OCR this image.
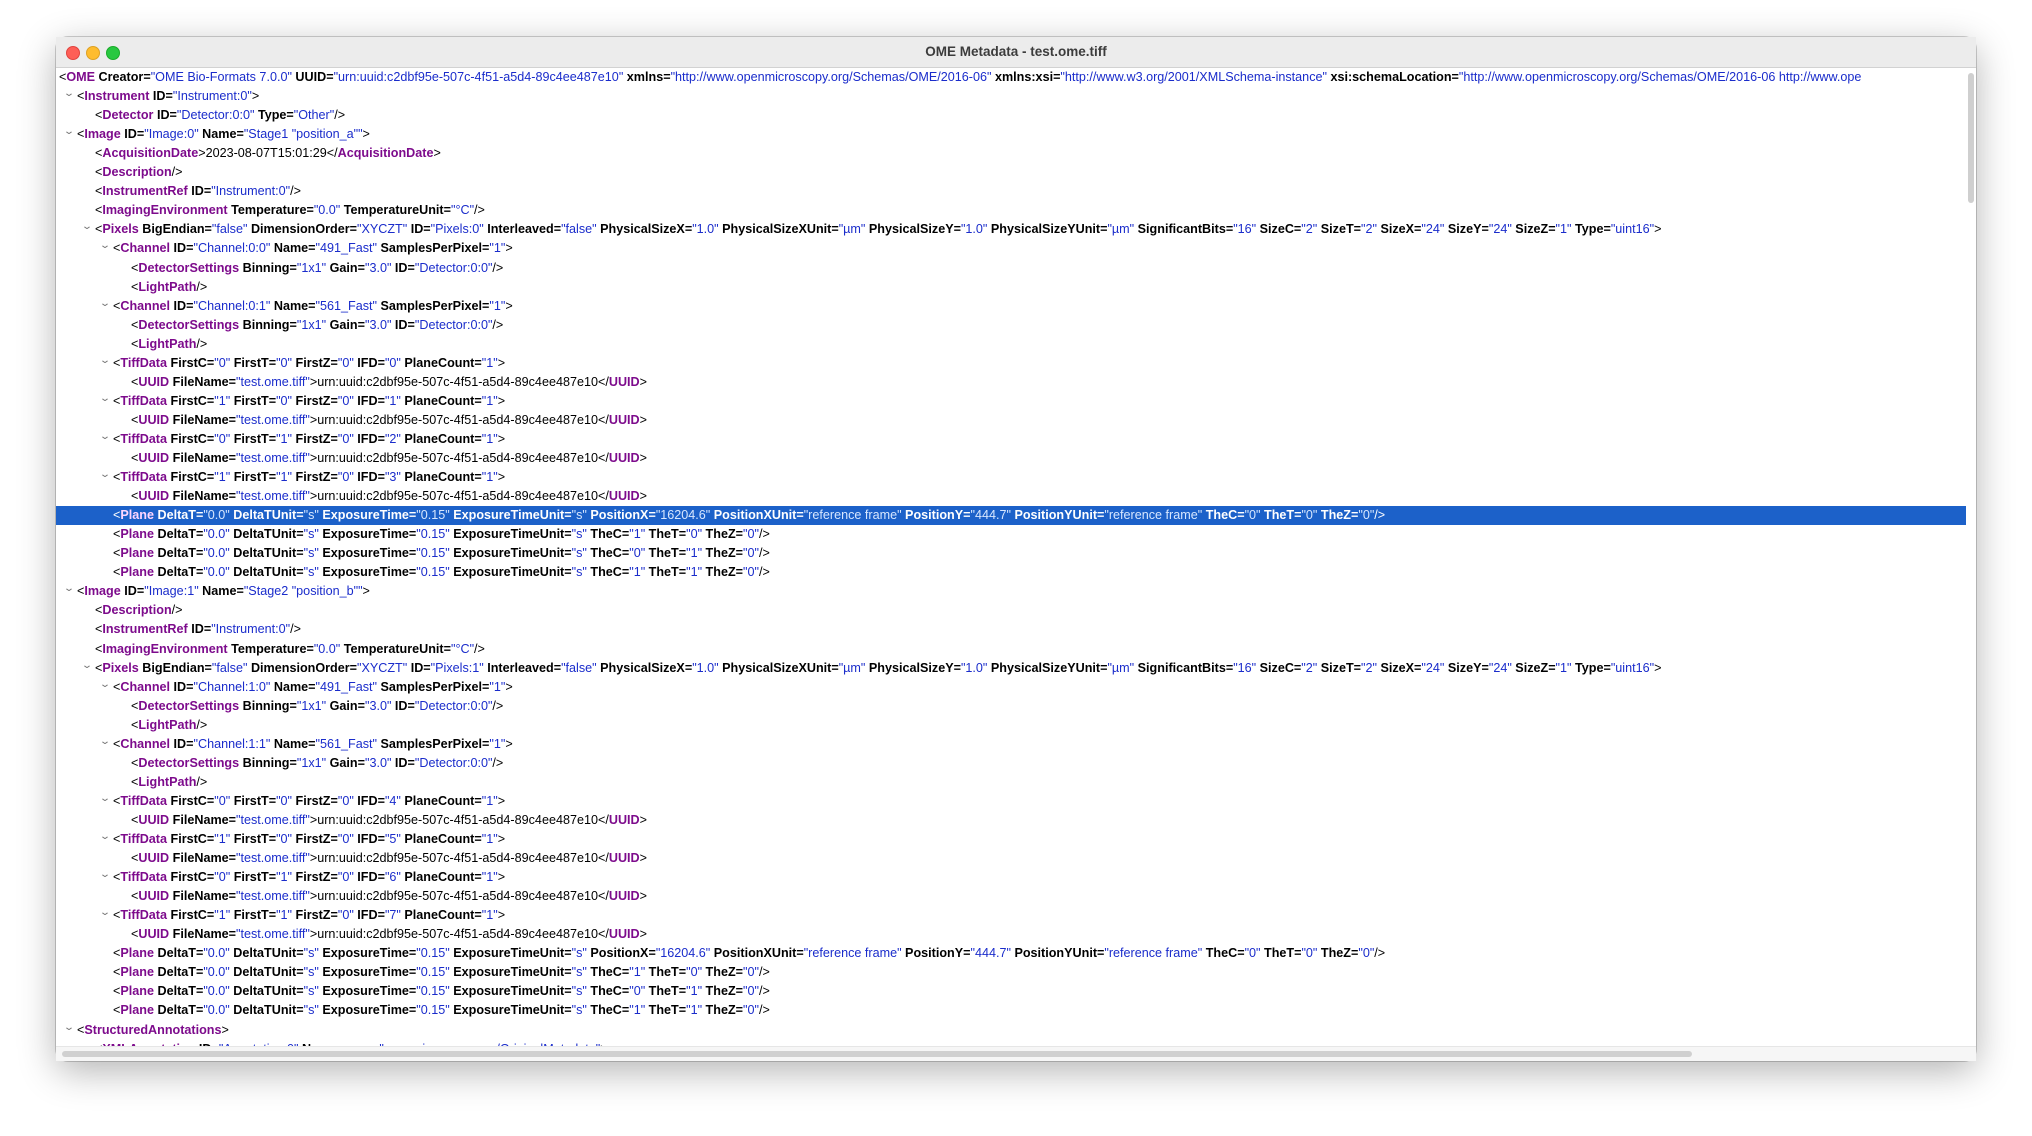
OME Metadata - test.ome.tiff
<OME Creator="OME Bio-Formats 7.0.0" UUID="urn:uuid:c2dbf95e-507c-4f51-a5d4-89c4ee487e10" xmlns="http://www.openmicroscopy.org/Schemas/OME/2016-06" xmlns:xsi="http://www.w3.org/2001/XMLSchema-instance" xsi:schemaLocation="http://www.openmicroscopy.org/Schemas/OME/2016-06 http://www.ope
⌄ <Instrument ID="Instrument:0">
<Detector ID="Detector:0:0" Type="Other"/>
⌄ <Image ID="Image:0" Name="Stage1 "position_a"">
<AcquisitionDate>2023-08-07T15:01:29</AcquisitionDate>
<Description/>
<InstrumentRef ID="Instrument:0"/>
<ImagingEnvironment Temperature="0.0" TemperatureUnit="°C"/>
⌄ <Pixels BigEndian="false" DimensionOrder="XYCZT" ID="Pixels:0" Interleaved="false" PhysicalSizeX="1.0" PhysicalSizeXUnit="µm" PhysicalSizeY="1.0" PhysicalSizeYUnit="µm" SignificantBits="16" SizeC="2" SizeT="2" SizeX="24" SizeY="24" SizeZ="1" Type="uint16">
⌄ <Channel ID="Channel:0:0" Name="491_Fast" SamplesPerPixel="1">
<DetectorSettings Binning="1x1" Gain="3.0" ID="Detector:0:0"/>
<LightPath/>
⌄ <Channel ID="Channel:0:1" Name="561_Fast" SamplesPerPixel="1">
<DetectorSettings Binning="1x1" Gain="3.0" ID="Detector:0:0"/>
<LightPath/>
⌄ <TiffData FirstC="0" FirstT="0" FirstZ="0" IFD="0" PlaneCount="1">
<UUID FileName="test.ome.tiff">urn:uuid:c2dbf95e-507c-4f51-a5d4-89c4ee487e10</UUID>
⌄ <TiffData FirstC="1" FirstT="0" FirstZ="0" IFD="1" PlaneCount="1">
<UUID FileName="test.ome.tiff">urn:uuid:c2dbf95e-507c-4f51-a5d4-89c4ee487e10</UUID>
⌄ <TiffData FirstC="0" FirstT="1" FirstZ="0" IFD="2" PlaneCount="1">
<UUID FileName="test.ome.tiff">urn:uuid:c2dbf95e-507c-4f51-a5d4-89c4ee487e10</UUID>
⌄ <TiffData FirstC="1" FirstT="1" FirstZ="0" IFD="3" PlaneCount="1">
<UUID FileName="test.ome.tiff">urn:uuid:c2dbf95e-507c-4f51-a5d4-89c4ee487e10</UUID>
<Plane DeltaT="0.0" DeltaTUnit="s" ExposureTime="0.15" ExposureTimeUnit="s" PositionX="16204.6" PositionXUnit="reference frame" PositionY="444.7" PositionYUnit="reference frame" TheC="0" TheT="0" TheZ="0"/>
<Plane DeltaT="0.0" DeltaTUnit="s" ExposureTime="0.15" ExposureTimeUnit="s" TheC="1" TheT="0" TheZ="0"/>
<Plane DeltaT="0.0" DeltaTUnit="s" ExposureTime="0.15" ExposureTimeUnit="s" TheC="0" TheT="1" TheZ="0"/>
<Plane DeltaT="0.0" DeltaTUnit="s" ExposureTime="0.15" ExposureTimeUnit="s" TheC="1" TheT="1" TheZ="0"/>
⌄ <Image ID="Image:1" Name="Stage2 "position_b"">
<Description/>
<InstrumentRef ID="Instrument:0"/>
<ImagingEnvironment Temperature="0.0" TemperatureUnit="°C"/>
⌄ <Pixels BigEndian="false" DimensionOrder="XYCZT" ID="Pixels:1" Interleaved="false" PhysicalSizeX="1.0" PhysicalSizeXUnit="µm" PhysicalSizeY="1.0" PhysicalSizeYUnit="µm" SignificantBits="16" SizeC="2" SizeT="2" SizeX="24" SizeY="24" SizeZ="1" Type="uint16">
⌄ <Channel ID="Channel:1:0" Name="491_Fast" SamplesPerPixel="1">
<DetectorSettings Binning="1x1" Gain="3.0" ID="Detector:0:0"/>
<LightPath/>
⌄ <Channel ID="Channel:1:1" Name="561_Fast" SamplesPerPixel="1">
<DetectorSettings Binning="1x1" Gain="3.0" ID="Detector:0:0"/>
<LightPath/>
⌄ <TiffData FirstC="0" FirstT="0" FirstZ="0" IFD="4" PlaneCount="1">
<UUID FileName="test.ome.tiff">urn:uuid:c2dbf95e-507c-4f51-a5d4-89c4ee487e10</UUID>
⌄ <TiffData FirstC="1" FirstT="0" FirstZ="0" IFD="5" PlaneCount="1">
<UUID FileName="test.ome.tiff">urn:uuid:c2dbf95e-507c-4f51-a5d4-89c4ee487e10</UUID>
⌄ <TiffData FirstC="0" FirstT="1" FirstZ="0" IFD="6" PlaneCount="1">
<UUID FileName="test.ome.tiff">urn:uuid:c2dbf95e-507c-4f51-a5d4-89c4ee487e10</UUID>
⌄ <TiffData FirstC="1" FirstT="1" FirstZ="0" IFD="7" PlaneCount="1">
<UUID FileName="test.ome.tiff">urn:uuid:c2dbf95e-507c-4f51-a5d4-89c4ee487e10</UUID>
<Plane DeltaT="0.0" DeltaTUnit="s" ExposureTime="0.15" ExposureTimeUnit="s" PositionX="16204.6" PositionXUnit="reference frame" PositionY="444.7" PositionYUnit="reference frame" TheC="0" TheT="0" TheZ="0"/>
<Plane DeltaT="0.0" DeltaTUnit="s" ExposureTime="0.15" ExposureTimeUnit="s" TheC="1" TheT="0" TheZ="0"/>
<Plane DeltaT="0.0" DeltaTUnit="s" ExposureTime="0.15" ExposureTimeUnit="s" TheC="0" TheT="1" TheZ="0"/>
<Plane DeltaT="0.0" DeltaTUnit="s" ExposureTime="0.15" ExposureTimeUnit="s" TheC="1" TheT="1" TheZ="0"/>
⌄ <StructuredAnnotations>
